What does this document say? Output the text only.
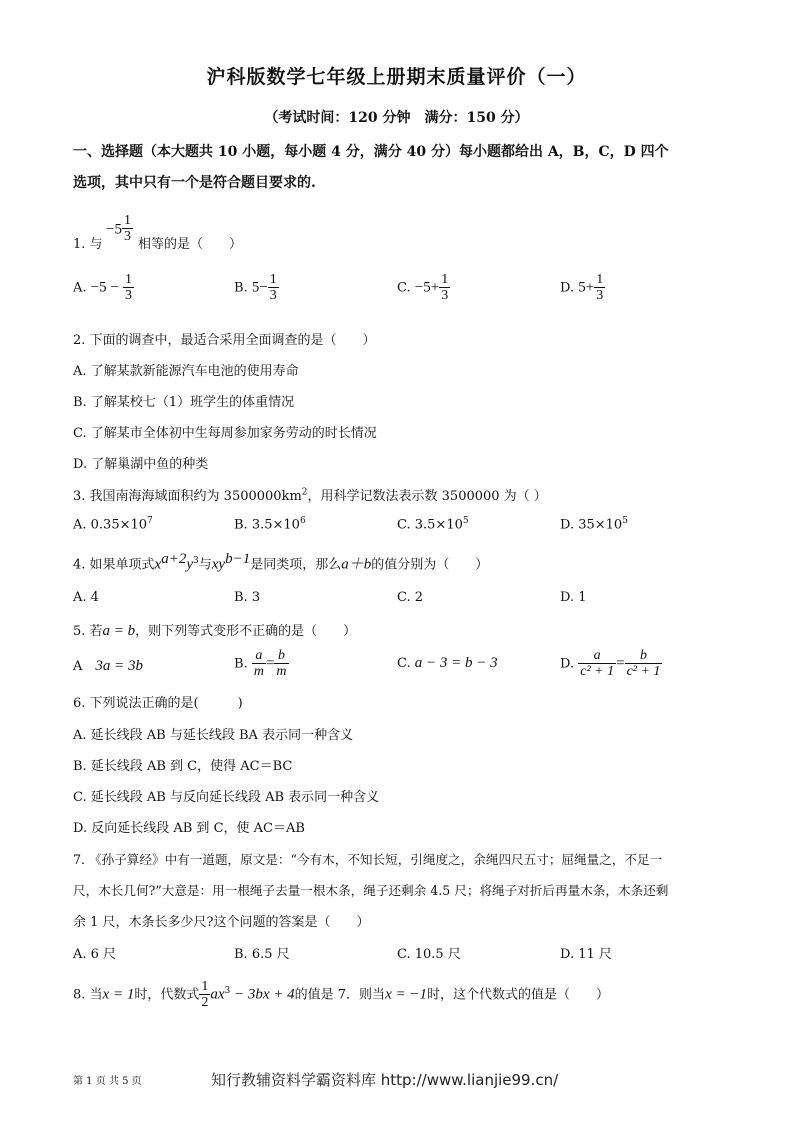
沪科版数学七年级上册期末质量评价（一）
（考试时间：120 分钟　满分：150 分）
一、选择题（本大题共 10 小题，每小题 4 分，满分 40 分）每小题都给出 A，B，C，D 四个
选项，其中只有一个是符合题目要求的.
$-5 \frac{1}{3}$
1. 与	相等的是（　　）
A. $-5 - \frac{1}{3}$	B. $5- \frac{1}{3}$	C. $-5+ \frac{1}{3}$	D. $5+ \frac{1}{3}$
2. 下面的调查中，最适合采用全面调查的是（　　）
A. 了解某款新能源汽车电池的使用寿命
B. 了解某校七（1）班学生的体重情况
C. 了解某市全体初中生每周参加家务劳动的时长情况
D. 了解巢湖中鱼的种类
3. 我国南海海域面积约为 $3500000km^2$，用科学记数法表示数 3500000 为（ ）
A. $0.35\times 10^7$	B. $3.5\times 10^6$	C. $3.5\times 10^5$	D. $35\times 10^5$
4. 如果单项式$x^{a+2}y^3$与$xy^{b-1}$是同类项，那么a＋b的值分别为（　　）
A. 4	B. 3	C. 2	D. 1
5. 若a = b，则下列等式变形不正确的是（　　）
A　 3a = 3b	B. $\frac{a}{m} = \frac{b}{m}$	C. a − 3 = b − 3	D. $\frac{a}{\text{c² + 1}} = \frac{b}{\text{c² + 1}}$
6. 下列说法正确的是(　　　)
A. 延长线段 AB 与延长线段 BA 表示同一种含义
B. 延长线段 AB 到 C，使得 AC＝BC
C. 延长线段 AB 与反向延长线段 AB 表示同一种含义
D. 反向延长线段 AB 到 C，使 AC＝AB
7. 《孙子算经》中有一道题，原文是：“今有木，不知长短，引绳度之，余绳四尺五寸；屈绳量之，不足一
尺，木长几何?”大意是：用一根绳子去量一根木条，绳子还剩余 4.5 尺；将绳子对折后再量木条，木条还剩
余 1 尺，木条长多少尺?这个问题的答案是（　　）
A. 6 尺	B. 6.5 尺	C. 10.5 尺	D. 11 尺
8. 当x = 1时，代数式 $\frac{1}{2} ax^3 - 3bx + 4$的值是 7．则当x = −1时，这个代数式的值是（　　）
第 1 页 共 5 页	知行教辅资料学霸资料库 http://www.lianjie99.cn/
